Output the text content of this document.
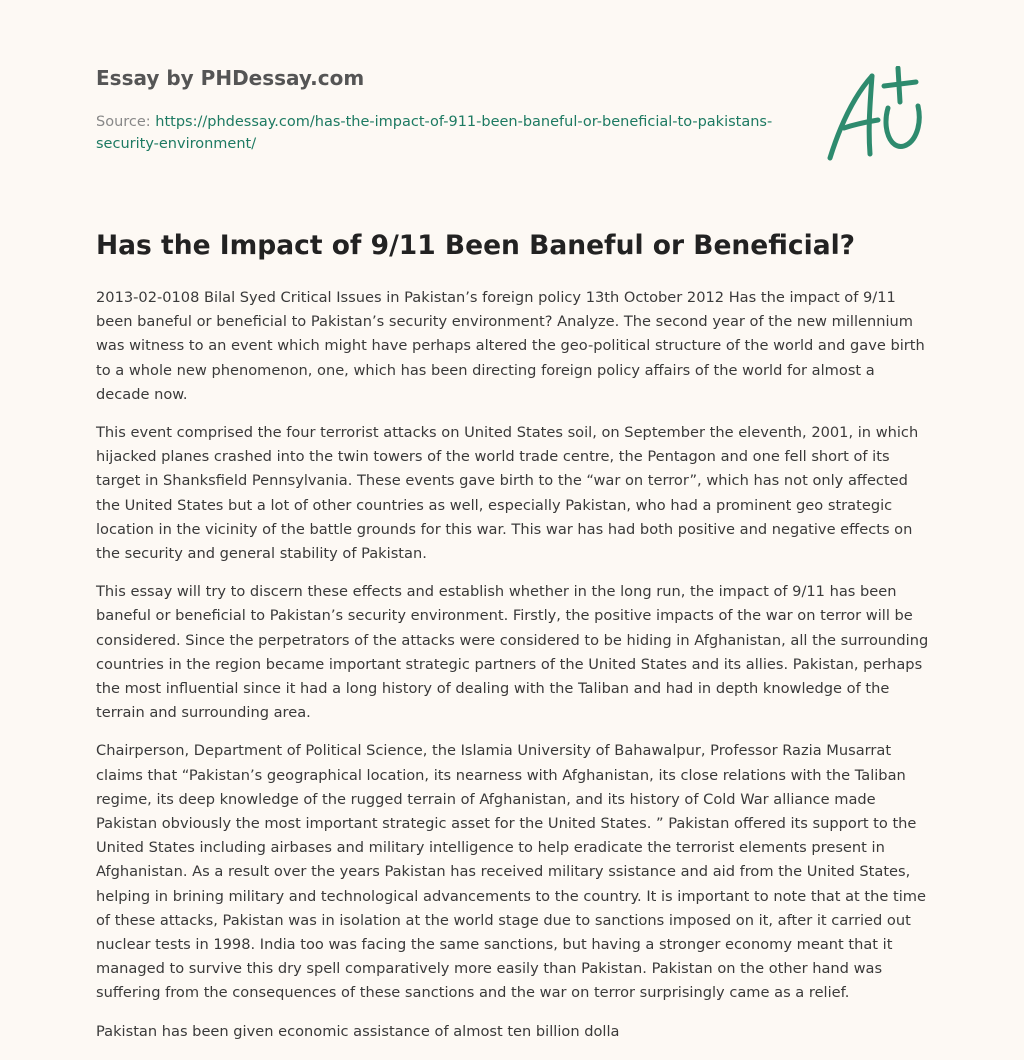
Essay by PHDessay.com
Source: https://phdessay.com/has-the-impact-of-911-been-baneful-or-beneficial-to-pakistans-security-environment/
Has the Impact of 9/11 Been Baneful or Beneficial?

2013-02-0108 Bilal Syed Critical Issues in Pakistan’s foreign policy 13th October 2012 Has the impact of 9/11 been baneful or beneficial to Pakistan’s security environment? Analyze. The second year of the new millennium was witness to an event which might have perhaps altered the geo-political structure of the world and gave birth to a whole new phenomenon, one, which has been directing foreign policy affairs of the world for almost a decade now.

This event comprised the four terrorist attacks on United States soil, on September the eleventh, 2001, in which hijacked planes crashed into the twin towers of the world trade centre, the Pentagon and one fell short of its target in Shanksfield Pennsylvania. These events gave birth to the “war on terror”, which has not only affected the United States but a lot of other countries as well, especially Pakistan, who had a prominent geo strategic location in the vicinity of the battle grounds for this war. This war has had both positive and negative effects on the security and general stability of Pakistan.

This essay will try to discern these effects and establish whether in the long run, the impact of 9/11 has been baneful or beneficial to Pakistan’s security environment. Firstly, the positive impacts of the war on terror will be considered. Since the perpetrators of the attacks were considered to be hiding in Afghanistan, all the surrounding countries in the region became important strategic partners of the United States and its allies. Pakistan, perhaps the most influential since it had a long history of dealing with the Taliban and had in depth knowledge of the terrain and surrounding area.

Chairperson, Department of Political Science, the Islamia University of Bahawalpur, Professor Razia Musarrat claims that “Pakistan’s geographical location, its nearness with Afghanistan, its close relations with the Taliban regime, its deep knowledge of the rugged terrain of Afghanistan, and its history of Cold War alliance made Pakistan obviously the most important strategic asset for the United States. ” Pakistan offered its support to the United States including airbases and military intelligence to help eradicate the terrorist elements present in Afghanistan. As a result over the years Pakistan has received military ssistance and aid from the United States, helping in brining military and technological advancements to the country. It is important to note that at the time of these attacks, Pakistan was in isolation at the world stage due to sanctions imposed on it, after it carried out nuclear tests in 1998. India too was facing the same sanctions, but having a stronger economy meant that it managed to survive this dry spell comparatively more easily than Pakistan. Pakistan on the other hand was suffering from the consequences of these sanctions and the war on terror surprisingly came as a relief.

Pakistan has been given economic assistance of almost ten billion dolla
